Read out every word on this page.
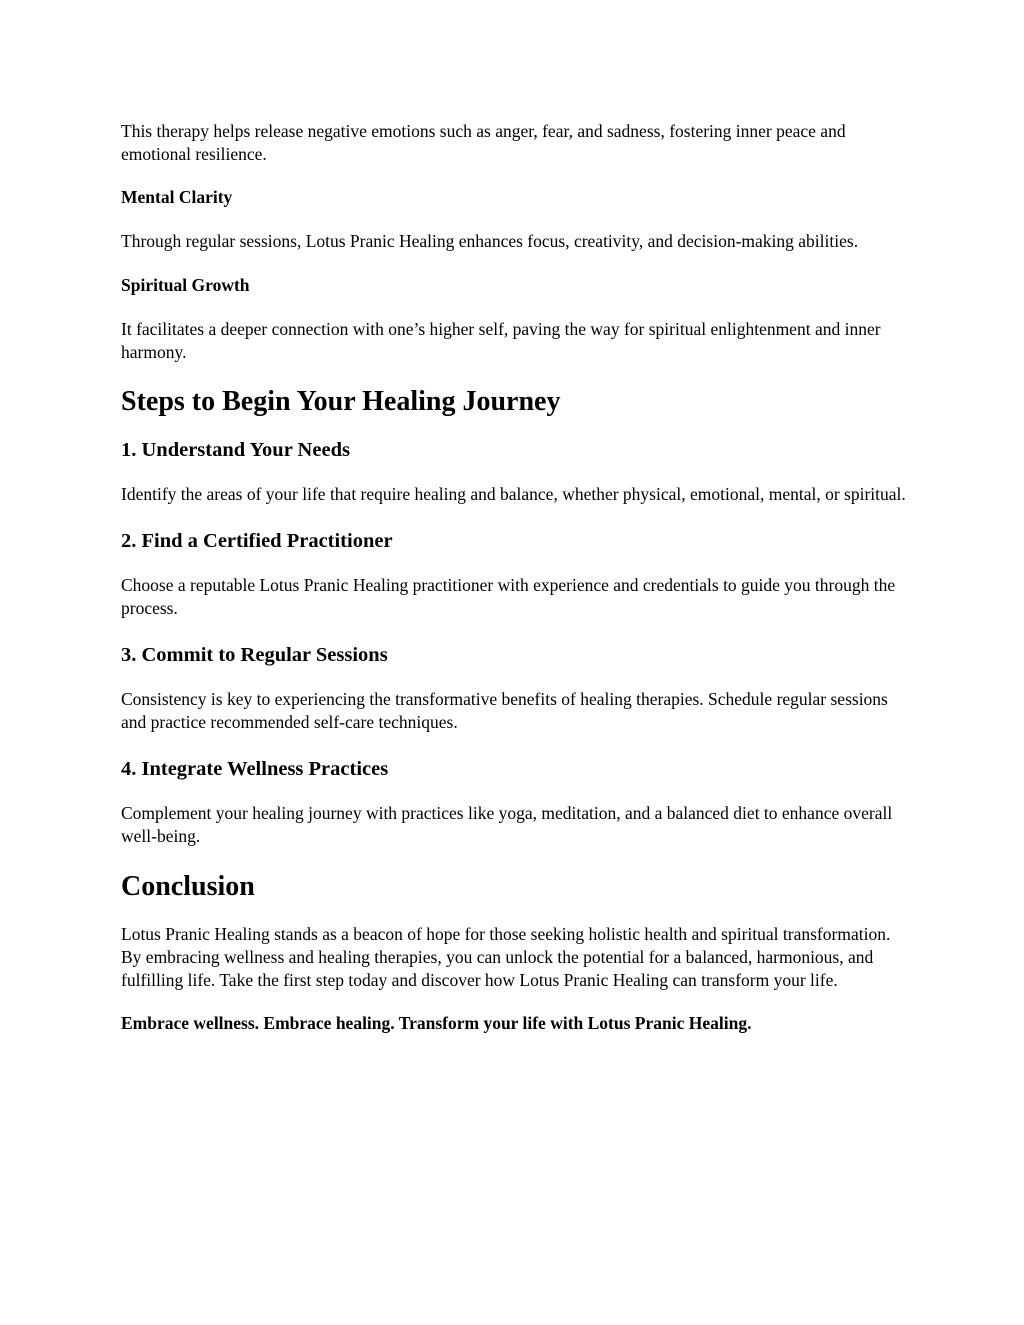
This therapy helps release negative emotions such as anger, fear, and sadness, fostering inner peace and emotional resilience.

Mental Clarity

Through regular sessions, Lotus Pranic Healing enhances focus, creativity, and decision-making abilities.

Spiritual Growth

It facilitates a deeper connection with one’s higher self, paving the way for spiritual enlightenment and inner harmony.

Steps to Begin Your Healing Journey
1. Understand Your Needs

Identify the areas of your life that require healing and balance, whether physical, emotional, mental, or spiritual.

2. Find a Certified Practitioner

Choose a reputable Lotus Pranic Healing practitioner with experience and credentials to guide you through the process.

3. Commit to Regular Sessions

Consistency is key to experiencing the transformative benefits of healing therapies. Schedule regular sessions and practice recommended self-care techniques.

4. Integrate Wellness Practices

Complement your healing journey with practices like yoga, meditation, and a balanced diet to enhance overall well-being.

Conclusion

Lotus Pranic Healing stands as a beacon of hope for those seeking holistic health and spiritual transformation. By embracing wellness and healing therapies, you can unlock the potential for a balanced, harmonious, and fulfilling life. Take the first step today and discover how Lotus Pranic Healing can transform your life.

Embrace wellness. Embrace healing. Transform your life with Lotus Pranic Healing.
